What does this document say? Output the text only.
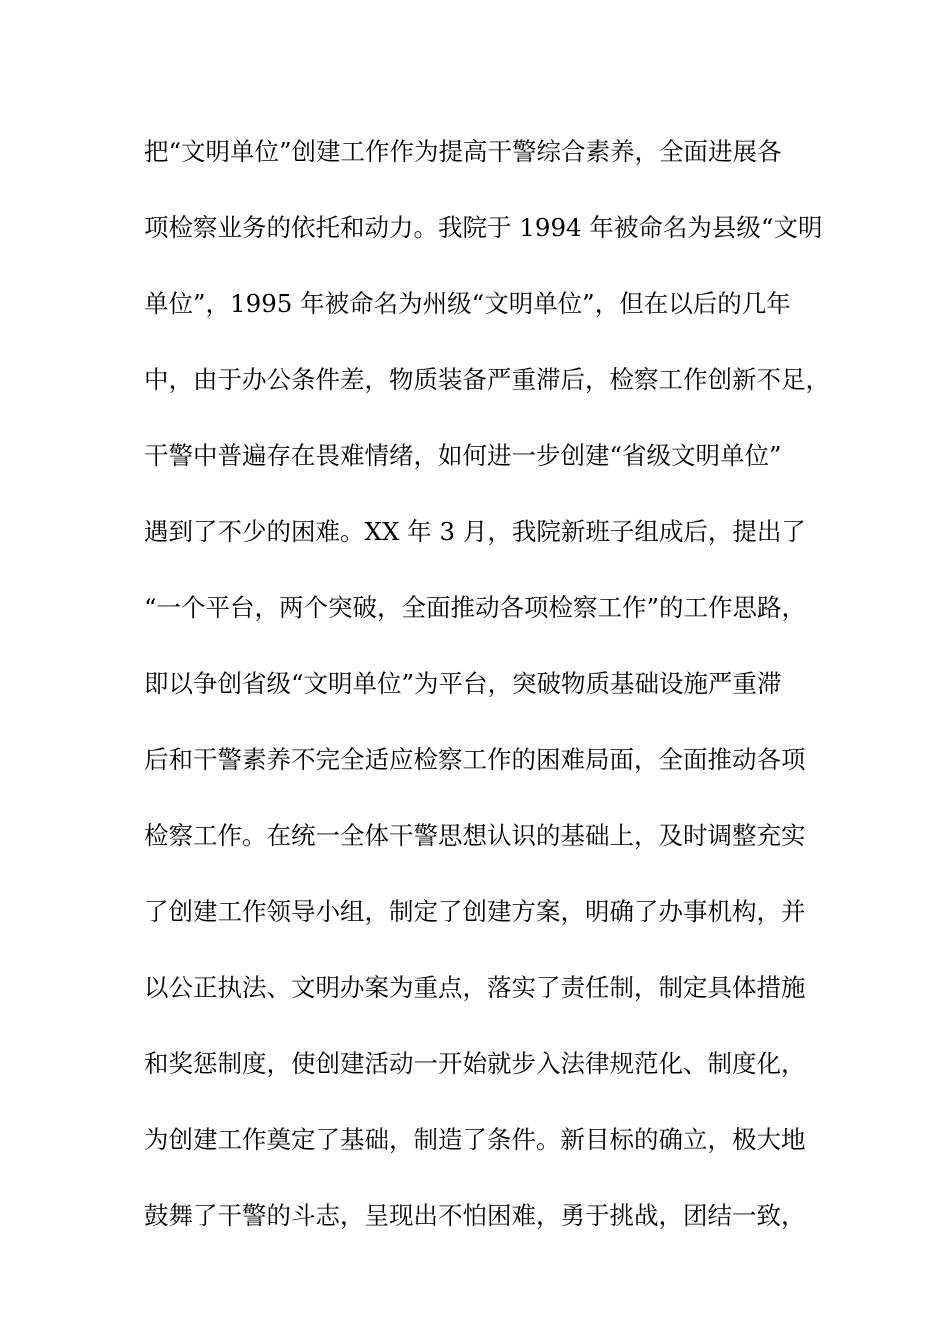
把“文明单位”创建工作作为提高干警综合素养，全面进展各
项检察业务的依托和动力。我院于 1994 年被命名为县级“文明
单位”，1995 年被命名为州级“文明单位”，但在以后的几年
中，由于办公条件差，物质装备严重滞后，检察工作创新不足，
干警中普遍存在畏难情绪，如何进一步创建“省级文明单位”
遇到了不少的困难。XX 年 3 月，我院新班子组成后，提出了
“一个平台，两个突破，全面推动各项检察工作”的工作思路，
即以争创省级“文明单位”为平台，突破物质基础设施严重滞
后和干警素养不完全适应检察工作的困难局面，全面推动各项
检察工作。在统一全体干警思想认识的基础上，及时调整充实
了创建工作领导小组，制定了创建方案，明确了办事机构，并
以公正执法、文明办案为重点，落实了责任制，制定具体措施
和奖惩制度，使创建活动一开始就步入法律规范化、制度化，
为创建工作奠定了基础，制造了条件。新目标的确立，极大地
鼓舞了干警的斗志，呈现出不怕困难，勇于挑战，团结一致，
